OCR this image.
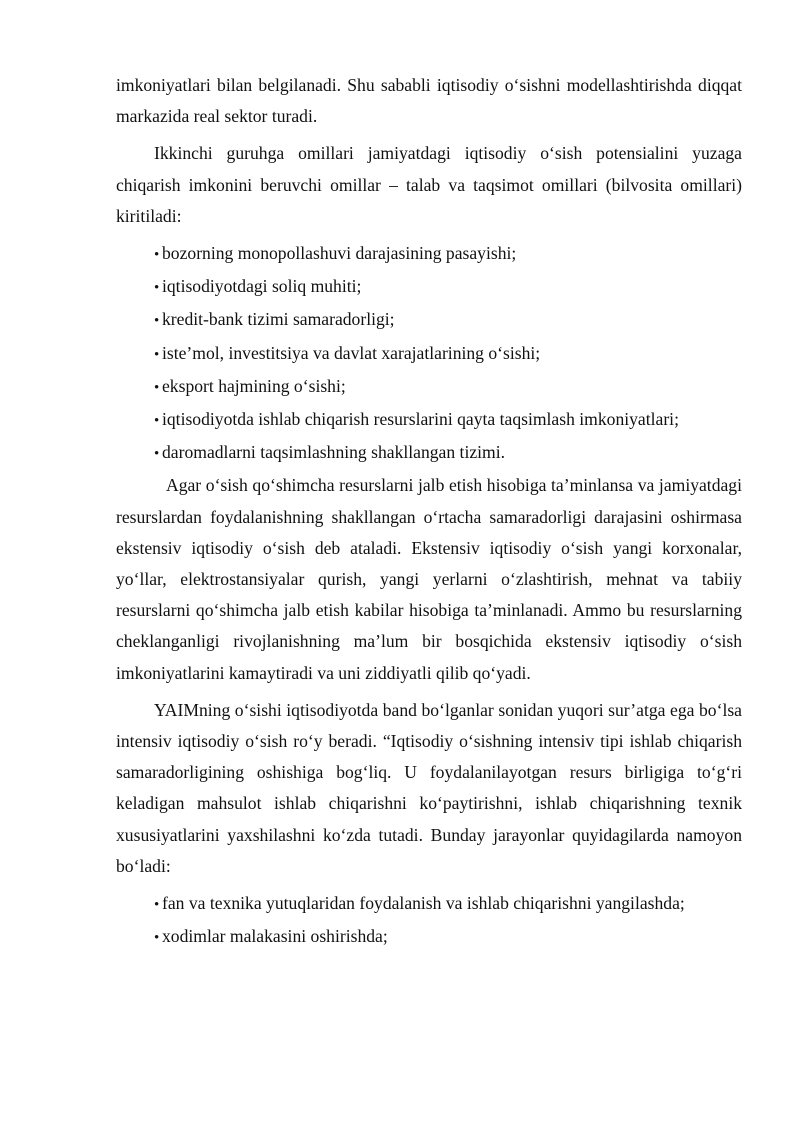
imkoniyatlari bilan belgilanadi. Shu sababli iqtisodiy o‘sishni modellashtirishda diqqat markazida real sektor turadi.

Ikkinchi guruhga omillari jamiyatdagi iqtisodiy o‘sish potensialini yuzaga chiqarish imkonini beruvchi omillar – talab va taqsimot omillari (bilvosita omillari) kiritiladi:

• bozorning monopollashuvi darajasining pasayishi;
• iqtisodiyotdagi soliq muhiti;
• kredit-bank tizimi samaradorligi;
• iste’mol, investitsiya va davlat xarajatlarining o‘sishi;
• eksport hajmining o‘sishi;
• iqtisodiyotda ishlab chiqarish resurslarini qayta taqsimlash imkoniyatlari;
• daromadlarni taqsimlashning shakllangan tizimi.

Agar o‘sish qo‘shimcha resurslarni jalb etish hisobiga ta’minlansa va jamiyatdagi resurslardan foydalanishning shakllangan o‘rtacha samaradorligi darajasini oshirmasa ekstensiv iqtisodiy o‘sish deb ataladi. Ekstensiv iqtisodiy o‘sish yangi korxonalar, yo‘llar, elektrostansiyalar qurish, yangi yerlarni o‘zlashtirish, mehnat va tabiiy resurslarni qo‘shimcha jalb etish kabilar hisobiga ta’minlanadi. Ammo bu resurslarning cheklanganligi rivojlanishning ma’lum bir bosqichida ekstensiv iqtisodiy o‘sish imkoniyatlarini kamaytiradi va uni ziddiyatli qilib qo‘yadi.

YAIMning o‘sishi iqtisodiyotda band bo‘lganlar sonidan yuqori sur’atga ega bo‘lsa intensiv iqtisodiy o‘sish ro‘y beradi. “Iqtisodiy o‘sishning intensiv tipi ishlab chiqarish samaradorligining oshishiga bog‘liq. U foydalanilayotgan resurs birligiga to‘g‘ri keladigan mahsulot ishlab chiqarishni ko‘paytirishni, ishlab chiqarishning texnik xususiyatlarini yaxshilashni ko‘zda tutadi. Bunday jarayonlar quyidagilarda namoyon bo‘ladi:

• fan va texnika yutuqlaridan foydalanish va ishlab chiqarishni yangilashda;
• xodimlar malakasini oshirishda;
